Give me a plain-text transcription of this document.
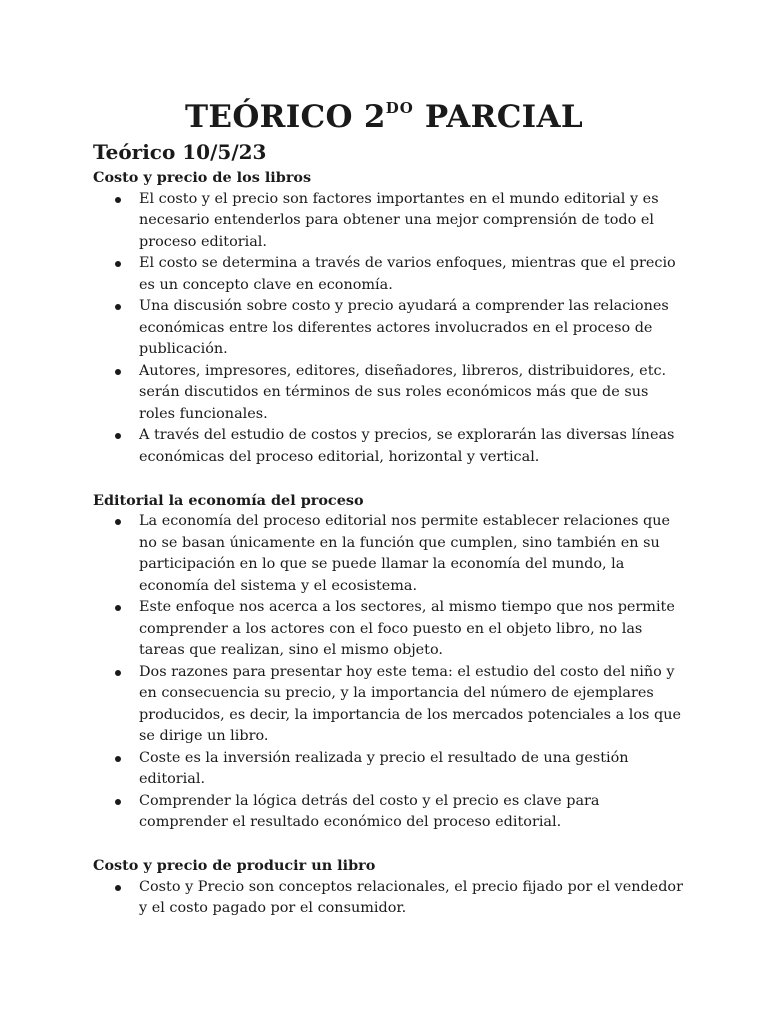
TEÓRICO $2^{DO}$ PARCIAL
Teórico 10/5/23
Costo y precio de los libros
El costo y el precio son factores importantes en el mundo editorial y es necesario entenderlos para obtener una mejor comprensión de todo el proceso editorial.
El costo se determina a través de varios enfoques, mientras que el precio es un concepto clave en economía.
Una discusión sobre costo y precio ayudará a comprender las relaciones económicas entre los diferentes actores involucrados en el proceso de publicación.
Autores, impresores, editores, diseñadores, libreros, distribuidores, etc. serán discutidos en términos de sus roles económicos más que de sus roles funcionales.
A través del estudio de costos y precios, se explorarán las diversas líneas económicas del proceso editorial, horizontal y vertical.
Editorial la economía del proceso
La economía del proceso editorial nos permite establecer relaciones que no se basan únicamente en la función que cumplen, sino también en su participación en lo que se puede llamar la economía del mundo, la economía del sistema y el ecosistema.
Este enfoque nos acerca a los sectores, al mismo tiempo que nos permite comprender a los actores con el foco puesto en el objeto libro, no las tareas que realizan, sino el mismo objeto.
Dos razones para presentar hoy este tema: el estudio del costo del niño y en consecuencia su precio, y la importancia del número de ejemplares producidos, es decir, la importancia de los mercados potenciales a los que se dirige un libro.
Coste es la inversión realizada y precio el resultado de una gestión editorial.
Comprender la lógica detrás del costo y el precio es clave para comprender el resultado económico del proceso editorial.
Costo y precio de producir un libro
Costo y Precio son conceptos relacionales, el precio fijado por el vendedor y el costo pagado por el consumidor.
